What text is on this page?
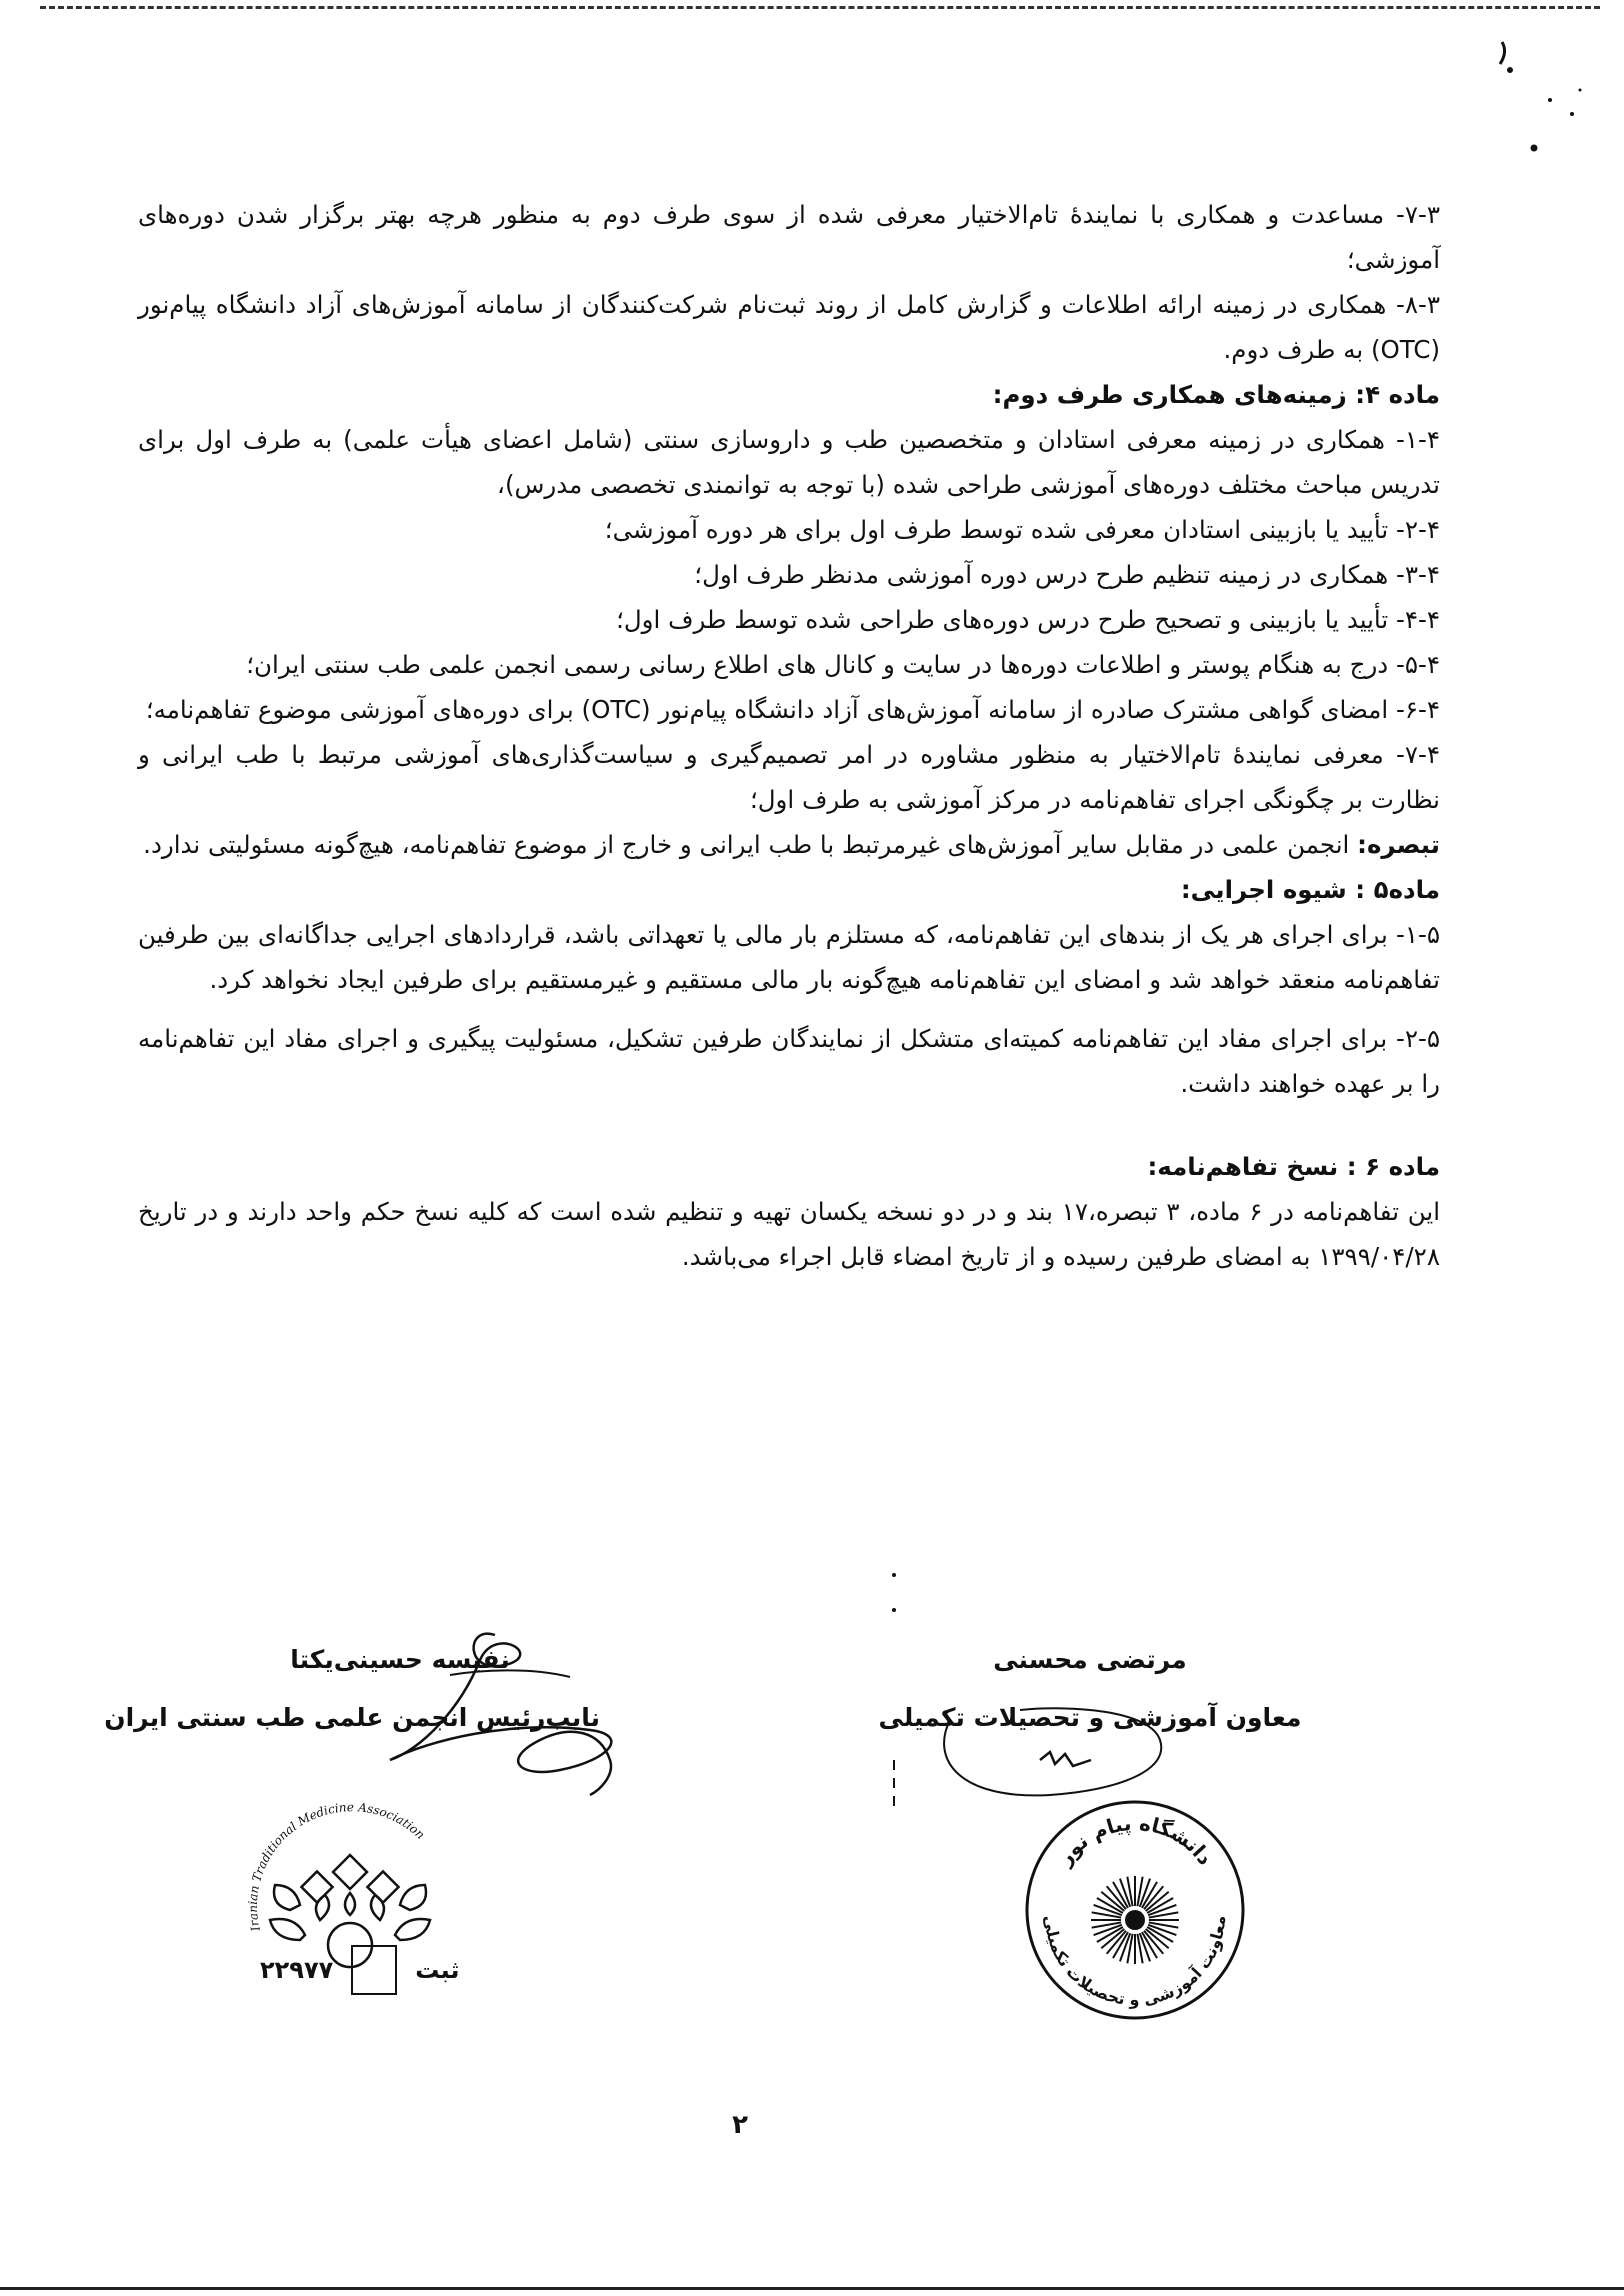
۷-۳- مساعدت و همکاری با نمایندهٔ تام‌الاختیار معرفی شده از سوی طرف دوم به منظور هرچه بهتر برگزار شدن دوره‌های آموزشی؛

۸-۳- همکاری در زمینه ارائه اطلاعات و گزارش کامل از روند ثبت‌نام شرکت‌کنندگان از سامانه آموزش‌های آزاد دانشگاه پیام‌نور (OTC) به طرف دوم.

ماده ۴: زمینه‌های همکاری طرف دوم:

۱-۴- همکاری در زمینه معرفی استادان و متخصصین طب و داروسازی سنتی (شامل اعضای هیأت علمی) به طرف اول برای تدریس مباحث مختلف دوره‌های آموزشی طراحی شده (با توجه به توانمندی تخصصی مدرس)،

۲-۴- تأیید یا بازبینی استادان معرفی شده توسط طرف اول برای هر دوره آموزشی؛

۳-۴- همکاری در زمینه تنظیم طرح درس دوره آموزشی مدنظر طرف اول؛

۴-۴- تأیید یا بازبینی و تصحیح طرح درس دوره‌های طراحی شده توسط طرف اول؛

۵-۴- درج به هنگام پوستر و اطلاعات دوره‌ها در سایت و کانال های اطلاع رسانی رسمی انجمن علمی طب سنتی ایران؛

۶-۴- امضای گواهی مشترک صادره از سامانه آموزش‌های آزاد دانشگاه پیام‌نور (OTC) برای دوره‌های آموزشی موضوع تفاهم‌نامه؛

۷-۴- معرفی نمایندهٔ تام‌الاختیار به منظور مشاوره در امر تصمیم‌گیری و سیاست‌گذاری‌های آموزشی مرتبط با طب ایرانی و نظارت بر چگونگی اجرای تفاهم‌نامه در مرکز آموزشی به طرف اول؛

تبصره: انجمن علمی در مقابل سایر آموزش‌های غیرمرتبط با طب ایرانی و خارج از موضوع تفاهم‌نامه، هیچ‌گونه مسئولیتی ندارد.

ماده۵ : شیوه اجرایی:

۱-۵- برای اجرای هر یک از بندهای این تفاهم‌نامه، که مستلزم بار مالی یا تعهداتی باشد، قراردادهای اجرایی جداگانه‌ای بین طرفین تفاهم‌نامه منعقد خواهد شد و امضای این تفاهم‌نامه هیچ‌گونه بار مالی مستقیم و غیرمستقیم برای طرفین ایجاد نخواهد کرد.

۲-۵- برای اجرای مفاد این تفاهم‌نامه کمیته‌ای متشکل از نمایندگان طرفین تشکیل، مسئولیت پیگیری و اجرای مفاد این تفاهم‌نامه را بر عهده خواهند داشت.

ماده ۶ : نسخ تفاهم‌نامه:

این تفاهم‌نامه در ۶ ماده، ۳ تبصره،۱۷ بند و در دو نسخه یکسان تهیه و تنظیم شده است که کلیه نسخ حکم واحد دارند و در تاریخ ۱۳۹۹/۰۴/۲۸ به امضای طرفین رسیده و از تاریخ امضاء قابل اجراء می‌باشد.

نفیسه حسینی‌یکتا
نایب‌رئیس انجمن علمی طب سنتی ایران
Iranian Traditional Medicine Association
ثبت
۲۲۹۷۷
مرتضی محسنی
معاون آموزشی و تحصیلات تکمیلی
دانشگاه پیام نور
معاونت آموزشی و تحصیلات تکمیلی
۲
